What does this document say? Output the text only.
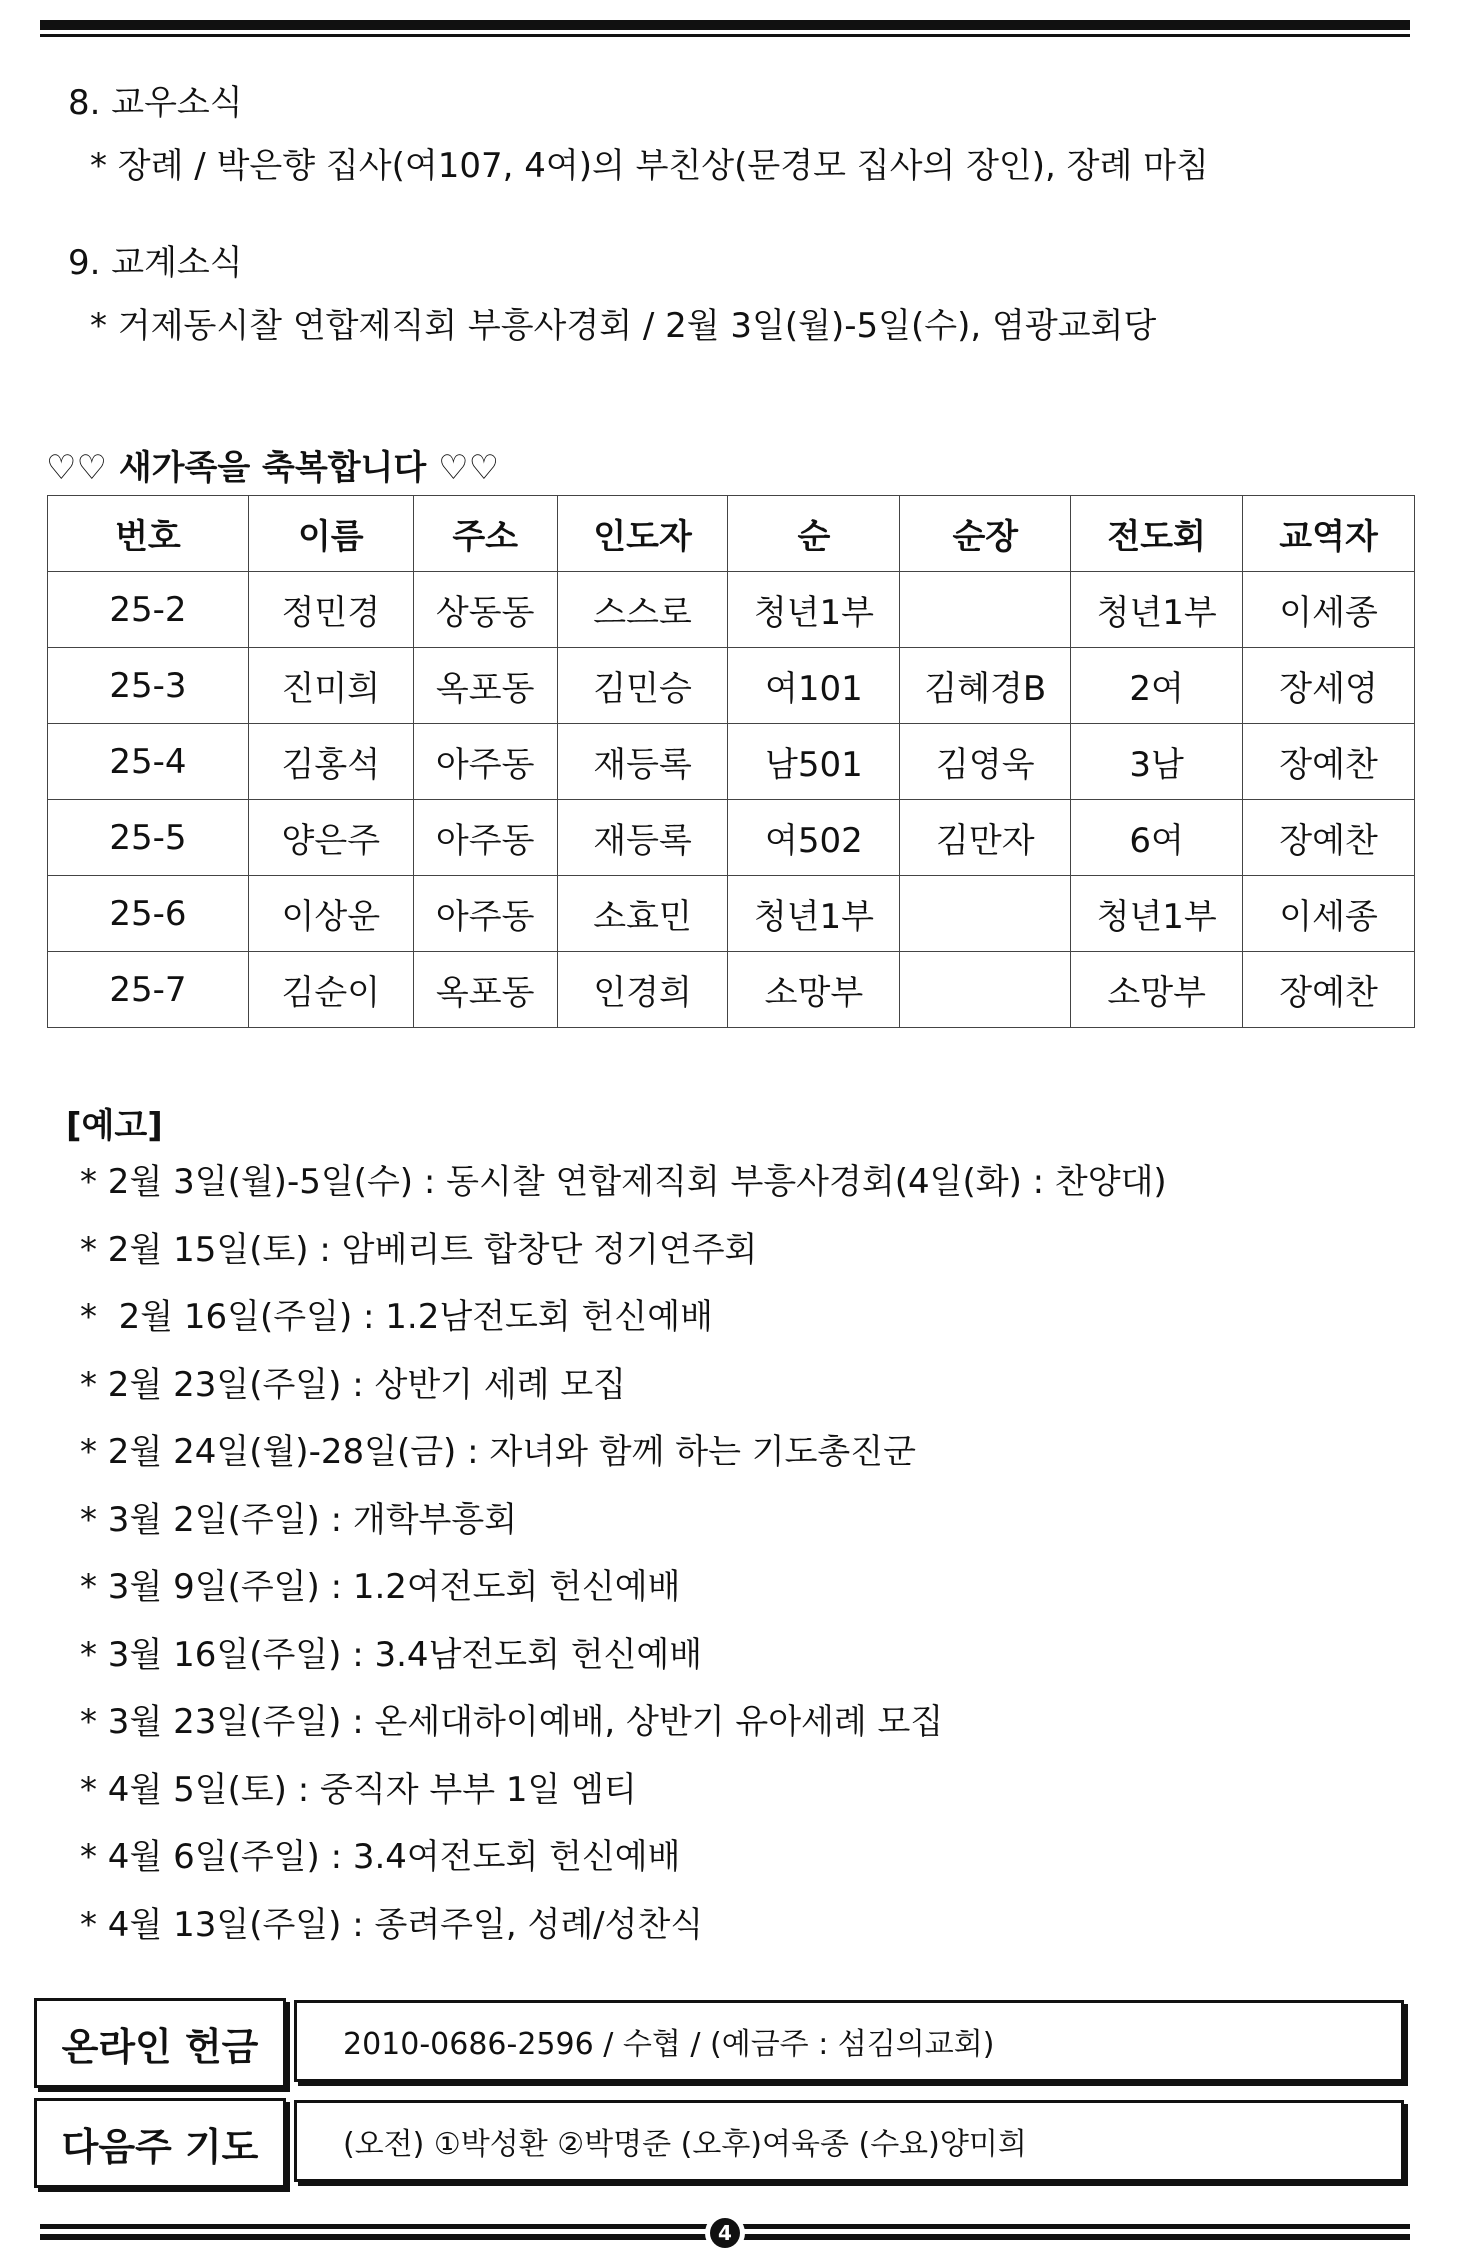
8. 교우소식
* 장례 / 박은향 집사(여107, 4여)의 부친상(문경모 집사의 장인), 장례 마침
9. 교계소식
* 거제동시찰 연합제직회 부흥사경회 / 2월 3일(월)-5일(수), 염광교회당
♡♡ 새가족을 축복합니다 ♡♡
번호	이름	주소	인도자	순	순장	전도회	교역자
25-2	정민경	상동동	스스로	청년1부		청년1부	이세종
25-3	진미희	옥포동	김민승	여101	김혜경B	2여	장세영
25-4	김홍석	아주동	재등록	남501	김영욱	3남	장예찬
25-5	양은주	아주동	재등록	여502	김만자	6여	장예찬
25-6	이상운	아주동	소효민	청년1부		청년1부	이세종
25-7	김순이	옥포동	인경희	소망부		소망부	장예찬
[예고]
* 2월 3일(월)-5일(수) : 동시찰 연합제직회 부흥사경회(4일(화) : 찬양대)
* 2월 15일(토) : 암베리트 합창단 정기연주회
*  2월 16일(주일) : 1.2남전도회 헌신예배
* 2월 23일(주일) : 상반기 세례 모집
* 2월 24일(월)-28일(금) : 자녀와 함께 하는 기도총진군
* 3월 2일(주일) : 개학부흥회
* 3월 9일(주일) : 1.2여전도회 헌신예배
* 3월 16일(주일) : 3.4남전도회 헌신예배
* 3월 23일(주일) : 온세대하이예배, 상반기 유아세례 모집
* 4월 5일(토) : 중직자 부부 1일 엠티
* 4월 6일(주일) : 3.4여전도회 헌신예배
* 4월 13일(주일) : 종려주일, 성례/성찬식
온라인 헌금	2010-0686-2596 / 수협 / (예금주 : 섬김의교회)
다음주 기도	(오전) ①박성환 ②박명준 (오후)여육종 (수요)양미희
4
